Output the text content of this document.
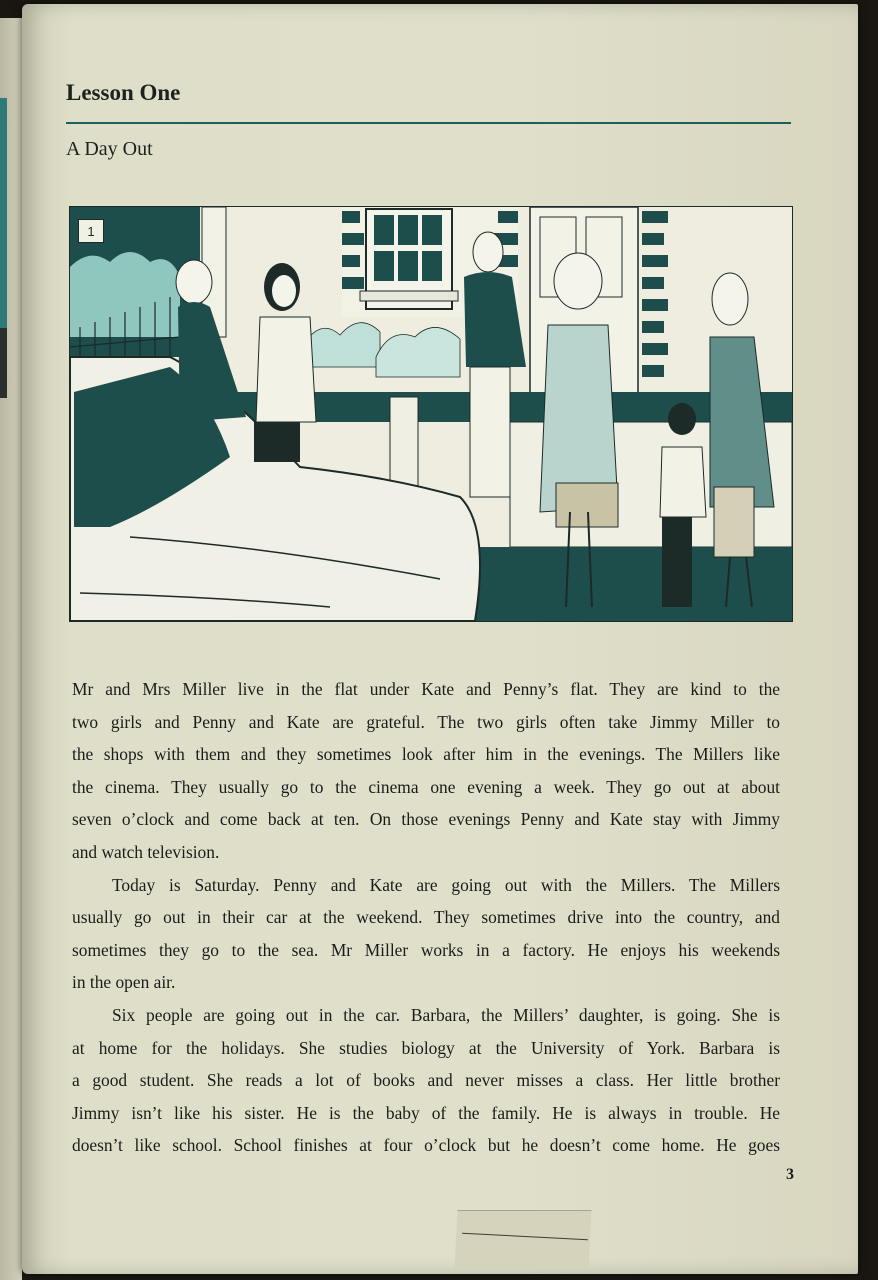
Lesson One
A Day Out
1

Mr and Mrs Miller live in the flat under Kate and Penny’s flat. They are kind to the

two girls and Penny and Kate are grateful. The two girls often take Jimmy Miller to

the shops with them and they sometimes look after him in the evenings. The Millers like

the cinema. They usually go to the cinema one evening a week. They go out at about

seven o’clock and come back at ten. On those evenings Penny and Kate stay with Jimmy

and watch television.

Today is Saturday. Penny and Kate are going out with the Millers. The Millers

usually go out in their car at the weekend. They sometimes drive into the country, and

sometimes they go to the sea. Mr Miller works in a factory. He enjoys his weekends

in the open air.

Six people are going out in the car. Barbara, the Millers’ daughter, is going. She is

at home for the holidays. She studies biology at the University of York. Barbara is

a good student. She reads a lot of books and never misses a class. Her little brother

Jimmy isn’t like his sister. He is the baby of the family. He is always in trouble. He

doesn’t like school. School finishes at four o’clock but he doesn’t come home. He goes

3
